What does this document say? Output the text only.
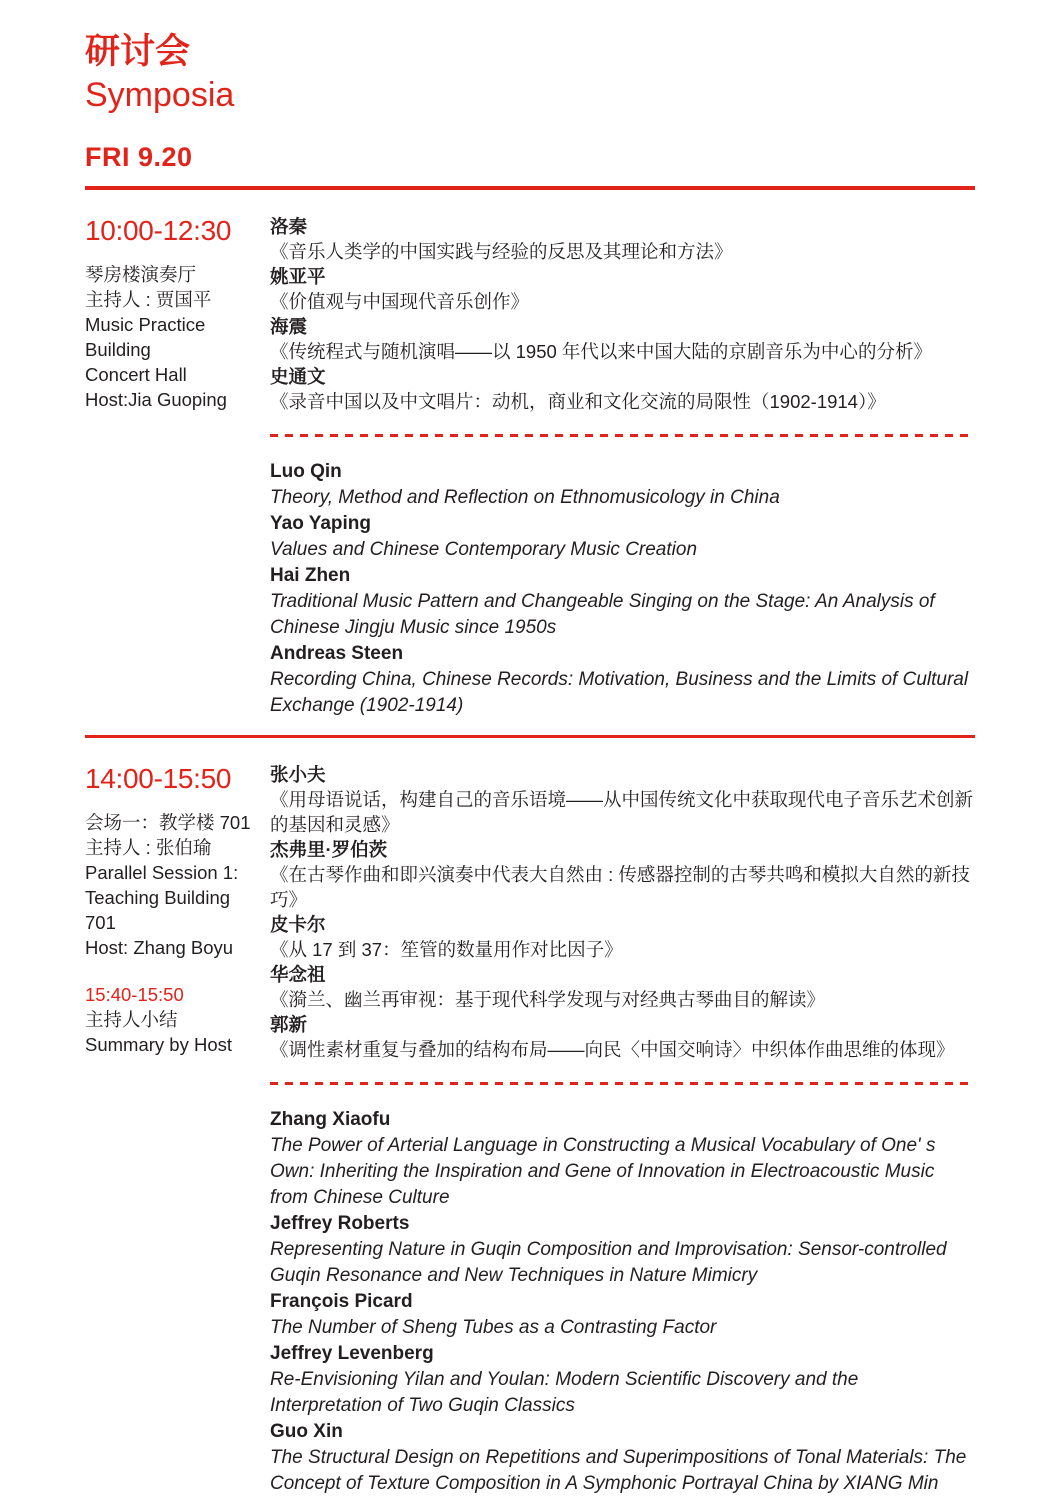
研讨会
Symposia
FRI 9.20
10:00-12:30
琴房楼演奏厅
主持人 : 贾国平
Music Practice
Building
Concert Hall
Host:Jia Guoping
洛秦
《音乐人类学的中国实践与经验的反思及其理论和方法》
姚亚平
《价值观与中国现代音乐创作》
海震
《传统程式与随机演唱——以 1950 年代以来中国大陆的京剧音乐为中心的分析》
史通文
《录音中国以及中文唱片：动机，商业和文化交流的局限性（1902-1914）》
Luo Qin
Theory, Method and Reflection on Ethnomusicology in China
Yao Yaping
Values and Chinese Contemporary Music Creation
Hai Zhen
Traditional Music Pattern and Changeable Singing on the Stage: An Analysis of Chinese Jingju Music since 1950s
Andreas Steen
Recording China, Chinese Records: Motivation, Business and the Limits of Cultural Exchange (1902-1914)
14:00-15:50
会场一：教学楼 701
主持人 : 张伯瑜
Parallel Session 1:
Teaching Building
701
Host: Zhang Boyu
15:40-15:50
主持人小结
Summary by Host
张小夫
《用母语说话，构建自己的音乐语境——从中国传统文化中获取现代电子音乐艺术创新的基因和灵感》
杰弗里·罗伯茨
《在古琴作曲和即兴演奏中代表大自然由 : 传感器控制的古琴共鸣和模拟大自然的新技巧》
皮卡尔
《从 17 到 37：笙管的数量用作对比因子》
华念祖
《漪兰、幽兰再审视：基于现代科学发现与对经典古琴曲目的解读》
郭新
《调性素材重复与叠加的结构布局——向民〈中国交响诗〉中织体作曲思维的体现》
Zhang Xiaofu
The Power of Arterial Language in Constructing a Musical Vocabulary of One' s Own: Inheriting the Inspiration and Gene of Innovation in Electroacoustic Music from Chinese Culture
Jeffrey Roberts
Representing Nature in Guqin Composition and Improvisation: Sensor-controlled Guqin Resonance and New Techniques in Nature Mimicry
François Picard
The Number of Sheng Tubes as a Contrasting Factor
Jeffrey Levenberg
Re-Envisioning Yilan and Youlan: Modern Scientific Discovery and the Interpretation of Two Guqin Classics
Guo Xin
The Structural Design on Repetitions and Superimpositions of Tonal Materials: The Concept of Texture Composition in A Symphonic Portrayal China by XIANG Min
